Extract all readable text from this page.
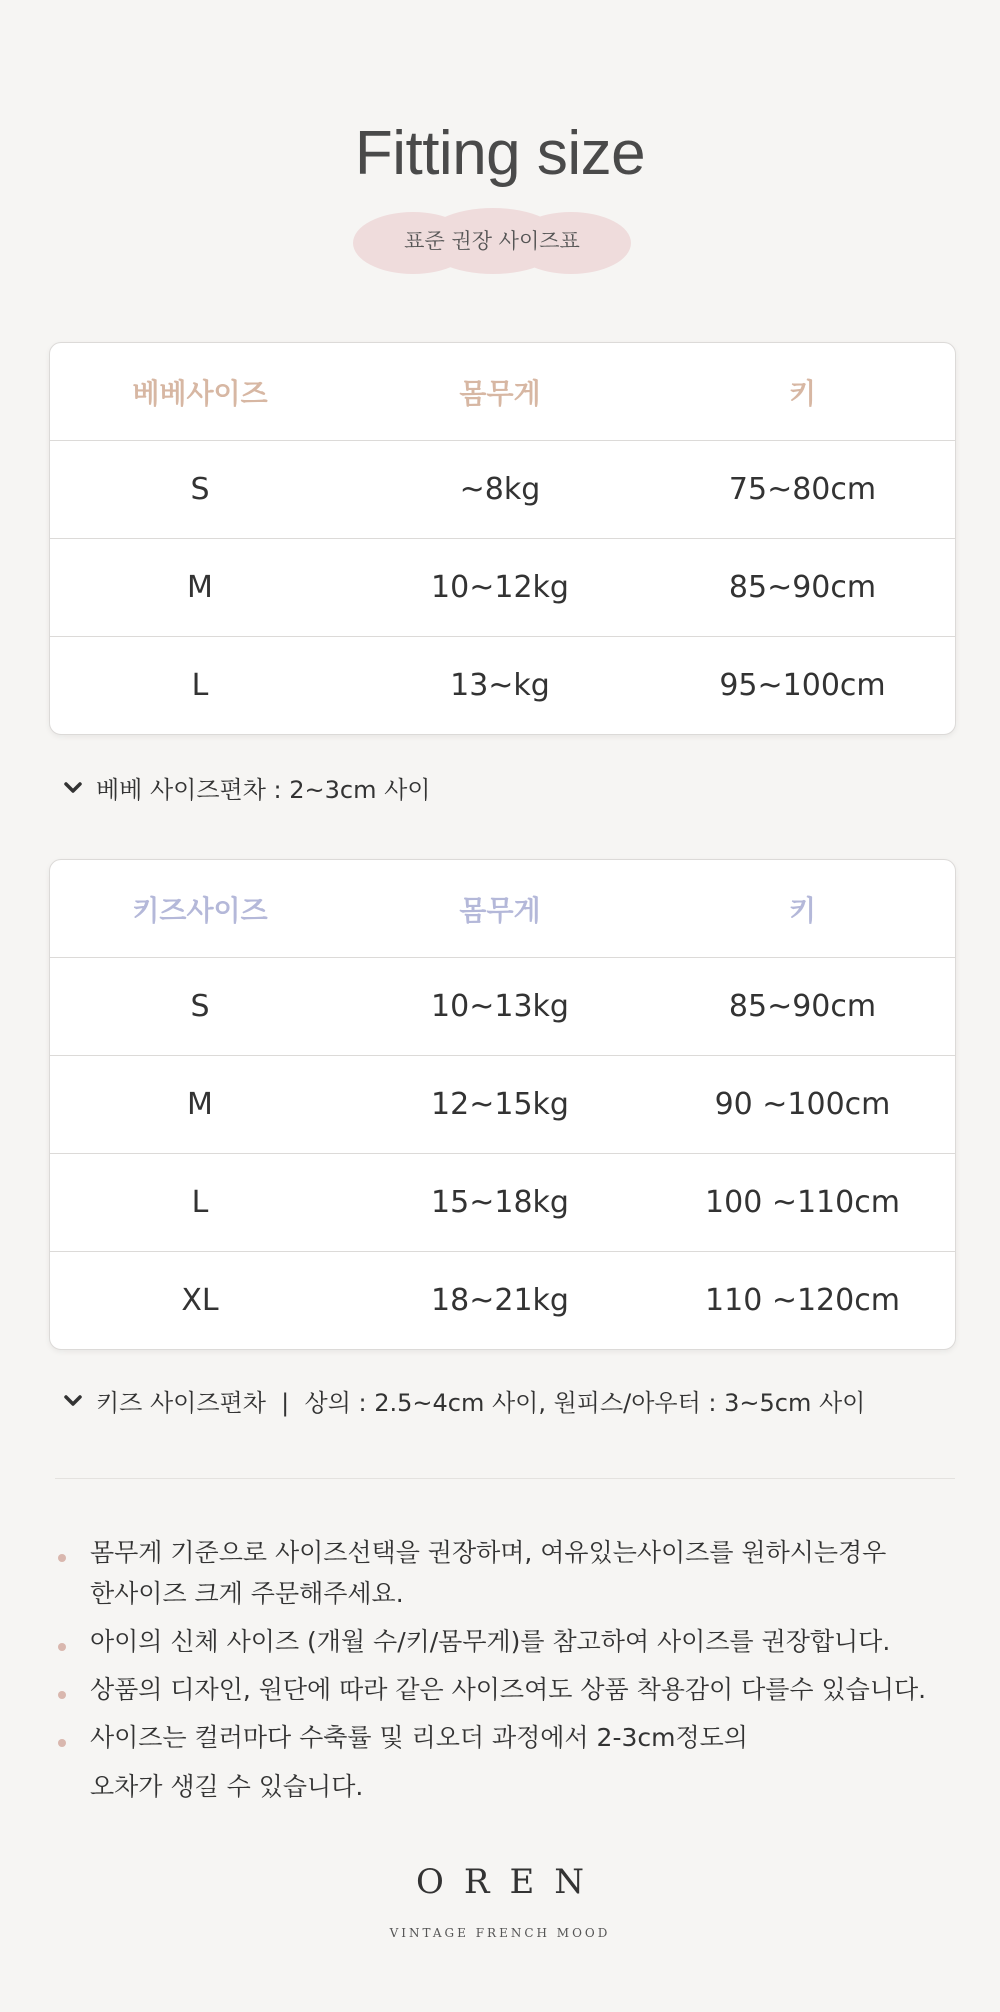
Fitting size
표준 권장 사이즈표
베베사이즈	몸무게	키
S	~8kg	75~80cm
M	10~12kg	85~90cm
L	13~kg	95~100cm
베베 사이즈편차 : 2~3cm 사이
키즈사이즈	몸무게	키
S	10~13kg	85~90cm
M	12~15kg	90 ~100cm
L	15~18kg	100 ~110cm
XL	18~21kg	110 ~120cm
키즈 사이즈편차  |  상의 : 2.5~4cm 사이, 원피스/아우터 : 3~5cm 사이
몸무게 기준으로 사이즈선택을 권장하며, 여유있는사이즈를 원하시는경우
한사이즈 크게 주문해주세요.
아이의 신체 사이즈 (개월 수/키/몸무게)를 참고하여 사이즈를 권장합니다.
상품의 디자인, 원단에 따라 같은 사이즈여도 상품 착용감이 다를수 있습니다.
사이즈는 컬러마다 수축률 및 리오더 과정에서 2-3cm정도의
오차가 생길 수 있습니다.
OREN
VINTAGE FRENCH MOOD
